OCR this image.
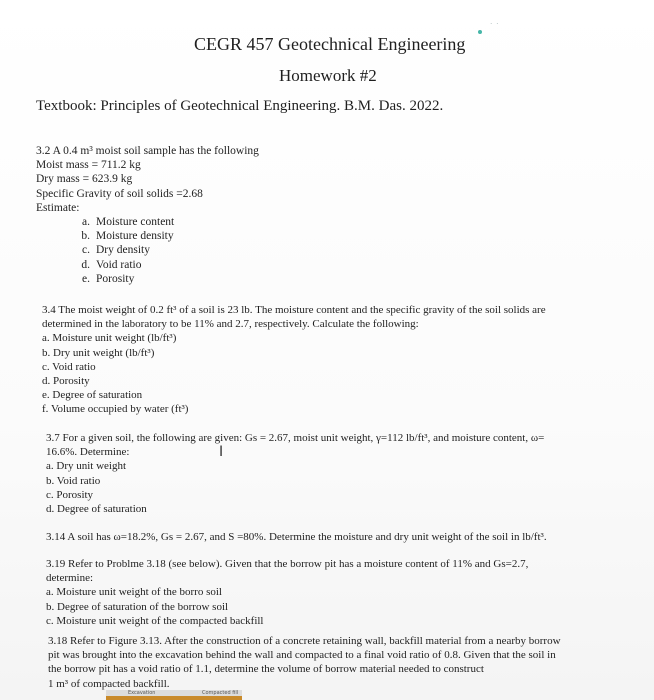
CEGR 457 Geotechnical Engineering
· ·
Homework #2
Textbook: Principles of Geotechnical Engineering. B.M. Das. 2022.
3.2 A 0.4 m³ moist soil sample has the following
Moist mass = 711.2 kg
Dry mass = 623.9 kg
Specific Gravity of soil solids =2.68
Estimate:
a. Moisture content
b. Moisture density
c. Dry density
d. Void ratio
e. Porosity
3.4 The moist weight of 0.2 ft³ of a soil is 23 lb. The moisture content and the specific gravity of the soil solids are
determined in the laboratory to be 11% and 2.7, respectively. Calculate the following:
a. Moisture unit weight (lb/ft³)
b. Dry unit weight (lb/ft³)
c. Void ratio
d. Porosity
e. Degree of saturation
f. Volume occupied by water (ft³)
3.7 For a given soil, the following are given: Gs = 2.67, moist unit weight, γ=112 lb/ft³, and moisture content, ω=
16.6%. Determine:
a. Dry unit weight
b. Void ratio
c. Porosity
d. Degree of saturation
I
3.14 A soil has ω=18.2%, Gs = 2.67, and S =80%. Determine the moisture and dry unit weight of the soil in lb/ft³.
3.19 Refer to Problme 3.18 (see below). Given that the borrow pit has a moisture content of 11% and Gs=2.7,
determine:
a. Moisture unit weight of the borro soil
b. Degree of saturation of the borrow soil
c. Moisture unit weight of the compacted backfill
3.18 Refer to Figure 3.13. After the construction of a concrete retaining wall, backfill material from a nearby borrow
pit was brought into the excavation behind the wall and compacted to a final void ratio of 0.8. Given that the soil in
the borrow pit has a void ratio of 1.1, determine the volume of borrow material needed to construct
1 m³ of compacted backfill.
Excavation	Compacted fill
